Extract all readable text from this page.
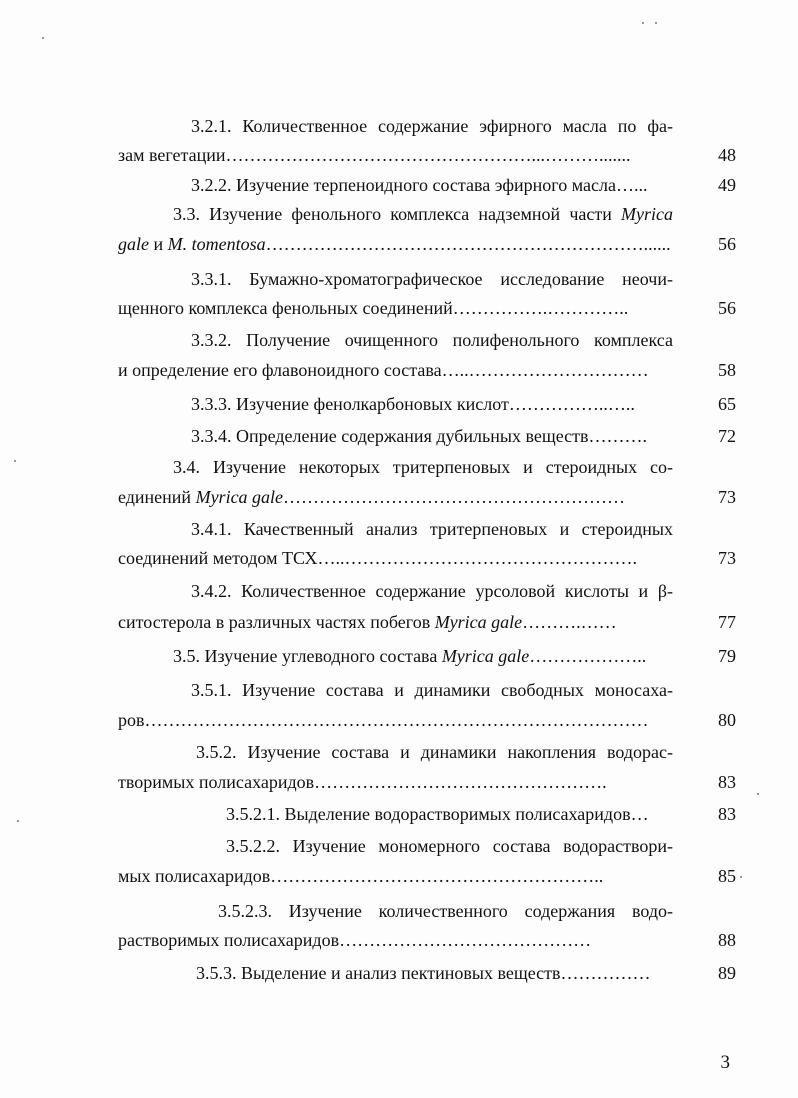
3.2.1. Количественное содержание эфирного масла по фа-
зам вегетации……………………………………………...……….......	48
3.2.2. Изучение терпеноидного состава эфирного масла…...	49
3.3. Изучение фенольного комплекса надземной части Myrica
gale и M. tomentosa………………………………………………………......	56
3.3.1. Бумажно-хроматографическое исследование неочи-
щенного комплекса фенольных соединений…………….…………..	56
3.3.2. Получение очищенного полифенольного комплекса
и определение его флавоноидного состава…..…………………………	58
3.3.3. Изучение фенолкарбоновых кислот……………..…..	65
3.3.4. Определение содержания дубильных веществ……….	72
3.4. Изучение некоторых тритерпеновых и стероидных со-
единений Myrica gale…………………………………………………	73
3.4.1. Качественный анализ тритерпеновых и стероидных
соединений методом ТСХ…..………………………………………….	73
3.4.2. Количественное содержание урсоловой кислоты и β-
ситостерола в различных частях побегов Myrica gale……….……	77
3.5. Изучение углеводного состава Myrica gale………………..	79
3.5.1. Изучение состава и динамики свободных моносаха-
ров…………………………………………………………………………	80
3.5.2. Изучение состава и динамики накопления водорас-
творимых полисахаридов………………………………………….	83
3.5.2.1. Выделение водорастворимых полисахаридов…	83
3.5.2.2. Изучение мономерного состава водораствори-
мых полисахаридов………………………………………………..	85
3.5.2.3. Изучение количественного содержания водо-
растворимых полисахаридов……………………………………	88
3.5.3. Выделение и анализ пектиновых веществ……………	89
3
